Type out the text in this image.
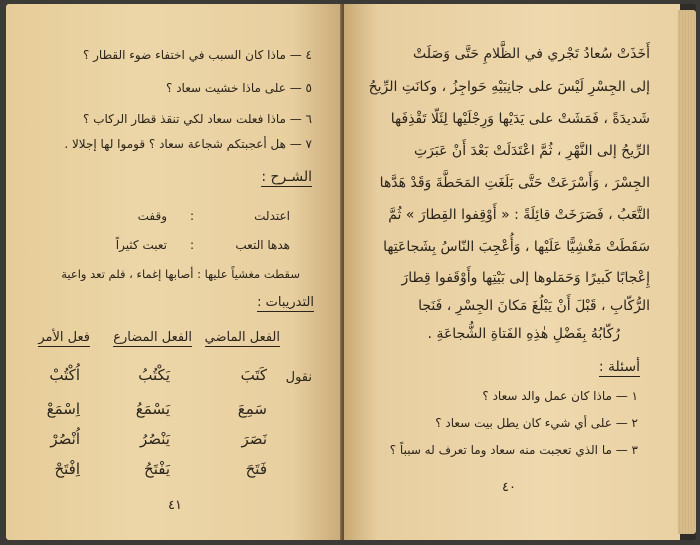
٤ — ماذا كان السبب في اختفاء ضوء القطار ؟
٥ — على ماذا خشيت سعاد ؟
٦ — ماذا فعلت سعاد لكي تنقذ قطار الركاب ؟
٧ — هل أعجبتكم شجاعة سعاد ؟ قوموا لها إجلالا .
الشـرح :
اعتدلت
:
وقفت
هدها التعب
:
تعبت كثيراً
سقطت مغشياً عليها : أصابها إغماء ، فلم تعد واعية
التدريبات :
الفعل الماضي
الفعل المضارع
فعل الأمر
نقول
كَتَبَ
يَكْتُبُ
اُكْتُبْ
سَمِعَ
يَسْمَعُ
اِسْمَعْ
نَصَرَ
يَنْصُرُ
اُنْصُرْ
فَتَحَ
يَفْتَحُ
اِفْتَحْ
٤١
أَخَذَتْ سُعادُ تَجْري في الظَّلامِ حَتَّى وَصَلَتْ
إلى الجِسْرِ لَيْسَ على جانِبَيْهِ حَواجِزُ ، وكانَتِ الرِّيحُ
شَديدَةً ، فَمَشَتْ على يَدَيْها وَرِجْلَيْها لِئَلّا تَقْذِفَها
الرِّيحُ إلى النَّهْرِ ، ثُمَّ اعْتَدَلَتْ بَعْدَ أَنْ عَبَرَتِ
الجِسْرَ ، وَأَسْرَعَتْ حَتَّى بَلَغَتِ المَحَطَّةَ وَقَدْ هَدَّها
التَّعَبُ ، فَصَرَخَتْ قائِلَةً : « أَوْقِفوا القِطارَ » ثُمَّ
سَقَطَتْ مَغْشِيًّا عَلَيْها ، وَأُعْجِبَ النّاسُ بِشَجاعَتِها
إِعْجابًا كَبيرًا وَحَمَلوها إلى بَيْتِها وأَوْقَفوا قِطارَ
الرُّكّابِ ، قَبْلَ أَنْ يَبْلُغَ مَكانَ الجِسْرِ ، فَنَجا
رُكّابُهُ بِفَضْلِ هٰذِهِ الفَتاةِ الشُّجاعَةِ .
أسئلة :
١ — ماذا كان عمل والد سعاد ؟
٢ — على أي شيء كان يطل بيت سعاد ؟
٣ — ما الذي تعجبت منه سعاد وما تعرف له سبباً ؟
٤٠
